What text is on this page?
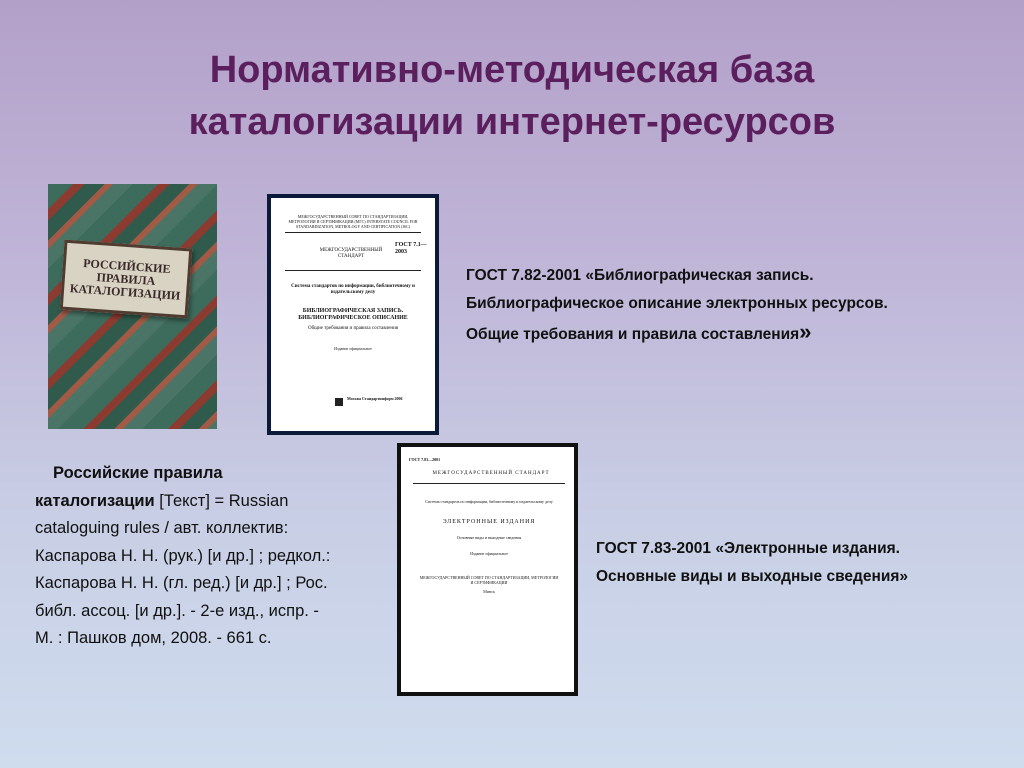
Нормативно-методическая база
каталогизации интернет-ресурсов
РОССИЙСКИЕ ПРАВИЛА КАТАЛОГИЗАЦИИ
МЕЖГОСУДАРСТВЕННЫЙ СОВЕТ ПО СТАНДАРТИЗАЦИИ, МЕТРОЛОГИИ И СЕРТИФИКАЦИИ (МГС) INTERSTATE COUNCIL FOR STANDARDIZATION, METROLOGY AND CERTIFICATION (ISC)
МЕЖГОСУДАРСТВЕННЫЙ СТАНДАРТ
ГОСТ 7.1— 2003
Система стандартов по информации, библиотечному и издательскому делу
БИБЛИОГРАФИЧЕСКАЯ ЗАПИСЬ. БИБЛИОГРАФИЧЕСКОЕ ОПИСАНИЕ
Общие требования и правила составления
Издание официальное
Москва Стандартинформ 2006
ГОСТ 7.83—2001
МЕЖГОСУДАРСТВЕННЫЙ СТАНДАРТ
Система стандартов по информации, библиотечному и издательскому делу
ЭЛЕКТРОННЫЕ ИЗДАНИЯ
Основные виды и выходные сведения
Издание официальное
МЕЖГОСУДАРСТВЕННЫЙ СОВЕТ ПО СТАНДАРТИЗАЦИИ, МЕТРОЛОГИИ И СЕРТИФИКАЦИИ
Минск
ГОСТ 7.82-2001 «Библиографическая запись.
Библиографическое описание электронных ресурсов.
Общие требования и правила составления»
ГОСТ 7.83-2001 «Электронные издания.
Основные виды и выходные сведения»
Российские правила каталогизации [Текст] = Russian cataloguing rules / авт. коллектив: Каспарова Н. Н. (рук.) [и др.] ; редкол.: Каспарова Н. Н. (гл. ред.) [и др.] ; Рос. библ. ассоц. [и др.]. - 2-е изд., испр. - М. : Пашков дом, 2008. - 661 с.
